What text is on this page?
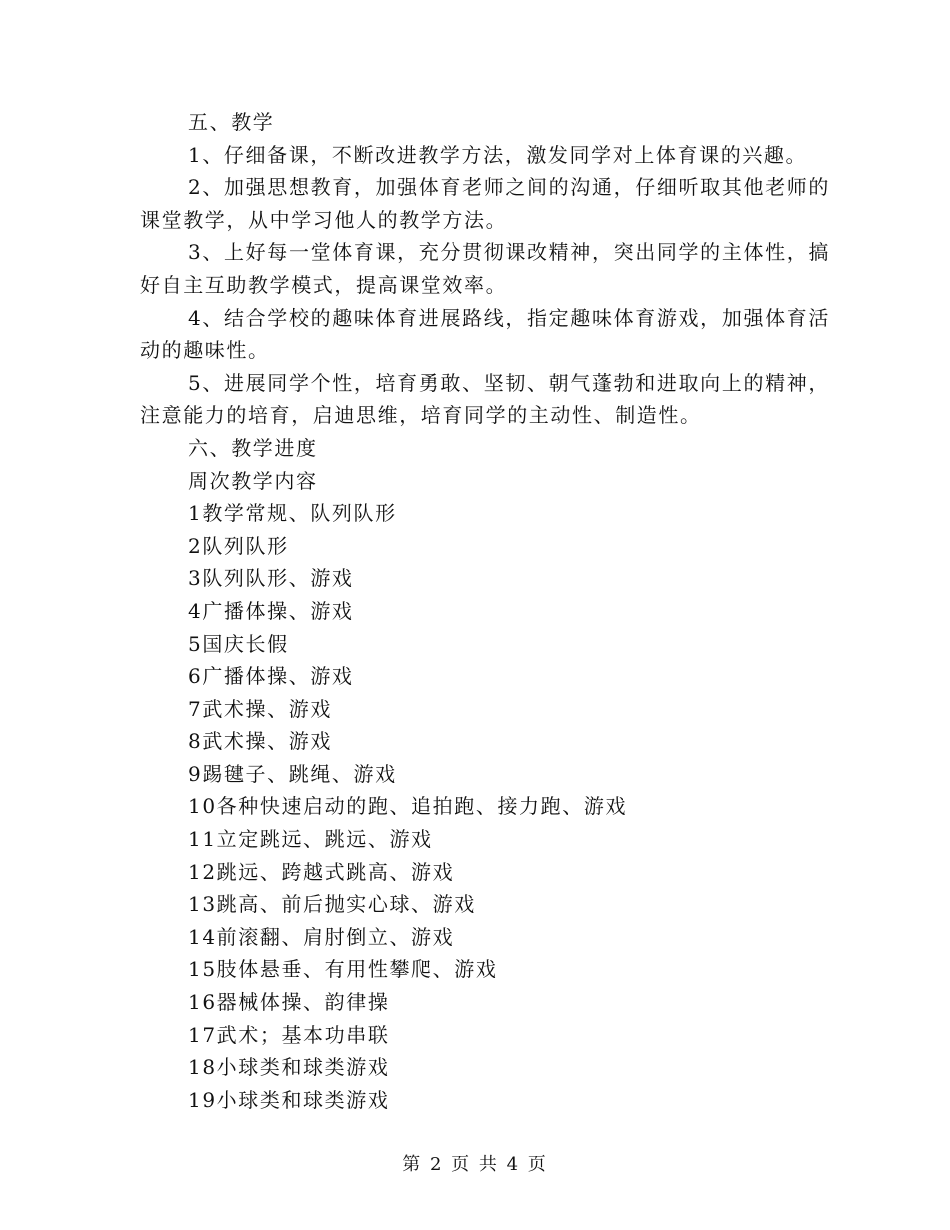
五、教学

1、仔细备课，不断改进教学方法，激发同学对上体育课的兴趣。

2、加强思想教育，加强体育老师之间的沟通，仔细听取其他老师的课堂教学，从中学习他人的教学方法。

3、上好每一堂体育课，充分贯彻课改精神，突出同学的主体性，搞好自主互助教学模式，提高课堂效率。

4、结合学校的趣味体育进展路线，指定趣味体育游戏，加强体育活动的趣味性。

5、进展同学个性，培育勇敢、坚韧、朝气蓬勃和进取向上的精神，注意能力的培育，启迪思维，培育同学的主动性、制造性。

六、教学进度

周次教学内容

1教学常规、队列队形

2队列队形

3队列队形、游戏

4广播体操、游戏

5国庆长假

6广播体操、游戏

7武术操、游戏

8武术操、游戏

9踢毽子、跳绳、游戏

10各种快速启动的跑、追拍跑、接力跑、游戏

11立定跳远、跳远、游戏

12跳远、跨越式跳高、游戏

13跳高、前后抛实心球、游戏

14前滚翻、肩肘倒立、游戏

15肢体悬垂、有用性攀爬、游戏

16器械体操、韵律操

17武术；基本功串联

18小球类和球类游戏

19小球类和球类游戏

第 2 页 共 4 页
